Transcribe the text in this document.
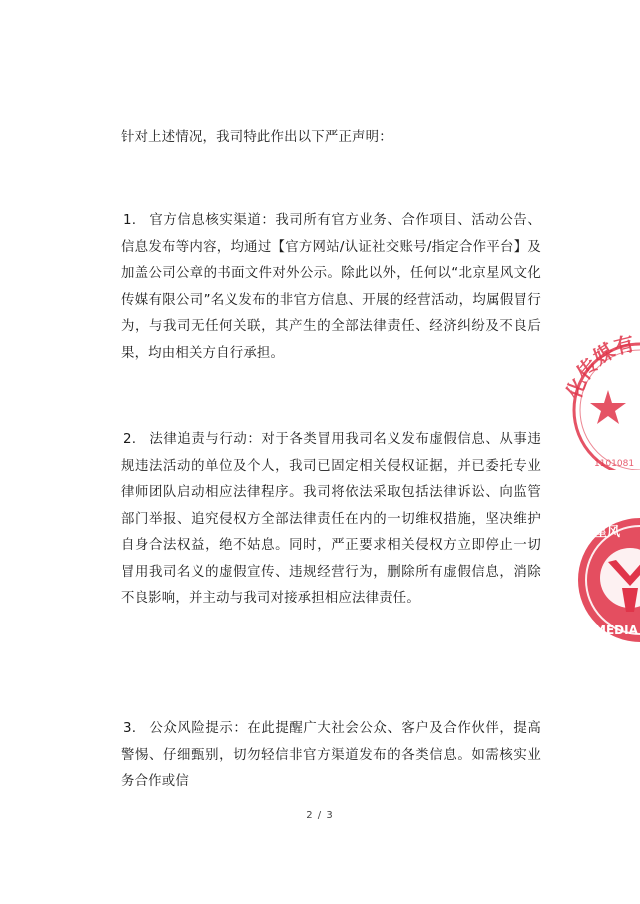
针对上述情况，我司特此作出以下严正声明：
1. 官方信息核实渠道：我司所有官方业务、合作项目、活动公告、信息发布等内容，均通过【官方网站/认证社交账号/指定合作平台】及加盖公司公章的书面文件对外公示。除此以外，任何以“北京星风文化传媒有限公司”名义发布的非官方信息、开展的经营活动，均属假冒行为，与我司无任何关联，其产生的全部法律责任、经济纠纷及不良后果，均由相关方自行承担。
2. 法律追责与行动：对于各类冒用我司名义发布虚假信息、从事违规违法活动的单位及个人，我司已固定相关侵权证据，并已委托专业律师团队启动相应法律程序。我司将依法采取包括法律诉讼、向监管部门举报、追究侵权方全部法律责任在内的一切维权措施，坚决维护自身合法权益，绝不姑息。同时，严正要求相关侵权方立即停止一切冒用我司名义的虚假宣传、违规经营行为，删除所有虚假信息，消除不良影响，并主动与我司对接承担相应法律责任。
3. 公众风险提示：在此提醒广大社会公众、客户及合作伙伴，提高警惕、仔细甄别，切勿轻信非官方渠道发布的各类信息。如需核实业务合作或信
2 / 3
化传媒有
1101081
星风
MEDIA
